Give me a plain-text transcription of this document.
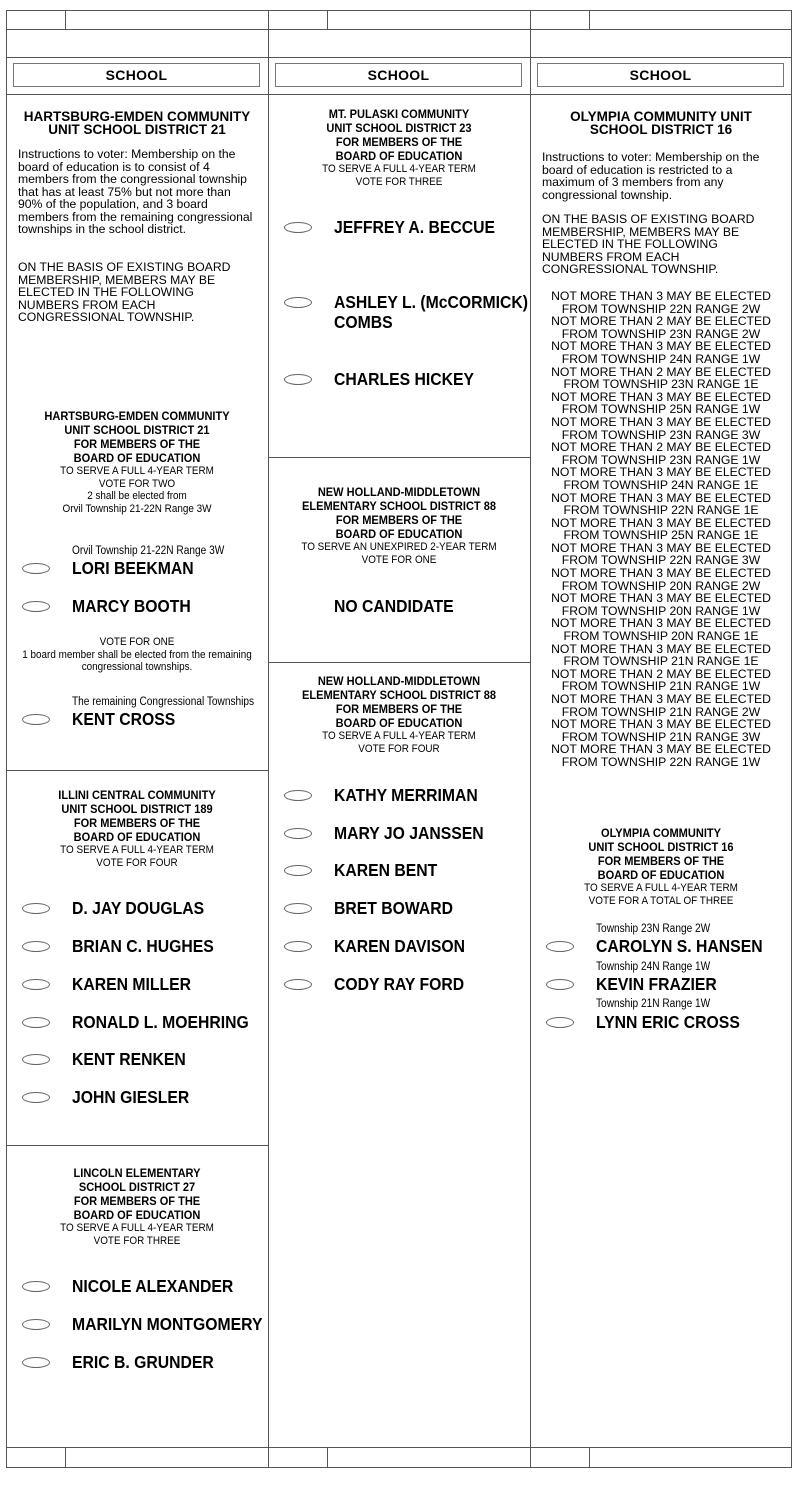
SCHOOL	SCHOOL	SCHOOL
HARTSBURG-EMDEN COMMUNITY
UNIT SCHOOL DISTRICT 21
Instructions to voter: Membership on the board of education is to consist of 4 members from the congressional township that has at least 75% but not more than 90% of the population, and 3 board members from the remaining congressional townships in the school district.
ON THE BASIS OF EXISTING BOARD MEMBERSHIP, MEMBERS MAY BE ELECTED IN THE FOLLOWING NUMBERS FROM EACH CONGRESSIONAL TOWNSHIP.
HARTSBURG-EMDEN COMMUNITY
UNIT SCHOOL DISTRICT 21
FOR MEMBERS OF THE
BOARD OF EDUCATION
TO SERVE A FULL 4-YEAR TERM
VOTE FOR TWO
2 shall be elected from
Orvil Township 21-22N Range 3W
Orvil Township 21-22N Range 3W
LORI BEEKMAN
MARCY BOOTH
VOTE FOR ONE
1 board member shall be elected from the remaining
congressional townships.
The remaining Congressional Townships
KENT CROSS
ILLINI CENTRAL COMMUNITY
UNIT SCHOOL DISTRICT 189
FOR MEMBERS OF THE
BOARD OF EDUCATION
TO SERVE A FULL 4-YEAR TERM
VOTE FOR FOUR
D. JAY DOUGLAS
BRIAN C. HUGHES
KAREN MILLER
RONALD L. MOEHRING
KENT RENKEN
JOHN GIESLER
LINCOLN ELEMENTARY
SCHOOL DISTRICT 27
FOR MEMBERS OF THE
BOARD OF EDUCATION
TO SERVE A FULL 4-YEAR TERM
VOTE FOR THREE
NICOLE ALEXANDER
MARILYN MONTGOMERY
ERIC B. GRUNDER
MT. PULASKI COMMUNITY
UNIT SCHOOL DISTRICT 23
FOR MEMBERS OF THE
BOARD OF EDUCATION
TO SERVE A FULL 4-YEAR TERM
VOTE FOR THREE
JEFFREY A. BECCUE
ASHLEY L. (McCORMICK)
COMBS
CHARLES HICKEY
NEW HOLLAND-MIDDLETOWN
ELEMENTARY SCHOOL DISTRICT 88
FOR MEMBERS OF THE
BOARD OF EDUCATION
TO SERVE AN UNEXPIRED 2-YEAR TERM
VOTE FOR ONE
NO CANDIDATE
NEW HOLLAND-MIDDLETOWN
ELEMENTARY SCHOOL DISTRICT 88
FOR MEMBERS OF THE
BOARD OF EDUCATION
TO SERVE A FULL 4-YEAR TERM
VOTE FOR FOUR
KATHY MERRIMAN
MARY JO JANSSEN
KAREN BENT
BRET BOWARD
KAREN DAVISON
CODY RAY FORD
OLYMPIA COMMUNITY UNIT
SCHOOL DISTRICT 16
Instructions to voter: Membership on the board of education is restricted to a maximum of 3 members from any congressional township.
ON THE BASIS OF EXISTING BOARD MEMBERSHIP, MEMBERS MAY BE ELECTED IN THE FOLLOWING NUMBERS FROM EACH CONGRESSIONAL TOWNSHIP.
NOT MORE THAN 3 MAY BE ELECTED
FROM TOWNSHIP 22N RANGE 2W
NOT MORE THAN 2 MAY BE ELECTED
FROM TOWNSHIP 23N RANGE 2W
NOT MORE THAN 3 MAY BE ELECTED
FROM TOWNSHIP 24N RANGE 1W
NOT MORE THAN 2 MAY BE ELECTED
FROM TOWNSHIP 23N RANGE 1E
NOT MORE THAN 3 MAY BE ELECTED
FROM TOWNSHIP 25N RANGE 1W
NOT MORE THAN 3 MAY BE ELECTED
FROM TOWNSHIP 23N RANGE 3W
NOT MORE THAN 2 MAY BE ELECTED
FROM TOWNSHIP 23N RANGE 1W
NOT MORE THAN 3 MAY BE ELECTED
FROM TOWNSHIP 24N RANGE 1E
NOT MORE THAN 3 MAY BE ELECTED
FROM TOWNSHIP 22N RANGE 1E
NOT MORE THAN 3 MAY BE ELECTED
FROM TOWNSHIP 25N RANGE 1E
NOT MORE THAN 3 MAY BE ELECTED
FROM TOWNSHIP 22N RANGE 3W
NOT MORE THAN 3 MAY BE ELECTED
FROM TOWNSHIP 20N RANGE 2W
NOT MORE THAN 3 MAY BE ELECTED
FROM TOWNSHIP 20N RANGE 1W
NOT MORE THAN 3 MAY BE ELECTED
FROM TOWNSHIP 20N RANGE 1E
NOT MORE THAN 3 MAY BE ELECTED
FROM TOWNSHIP 21N RANGE 1E
NOT MORE THAN 2 MAY BE ELECTED
FROM TOWNSHIP 21N RANGE 1W
NOT MORE THAN 3 MAY BE ELECTED
FROM TOWNSHIP 21N RANGE 2W
NOT MORE THAN 3 MAY BE ELECTED
FROM TOWNSHIP 21N RANGE 3W
NOT MORE THAN 3 MAY BE ELECTED
FROM TOWNSHIP 22N RANGE 1W
OLYMPIA COMMUNITY
UNIT SCHOOL DISTRICT 16
FOR MEMBERS OF THE
BOARD OF EDUCATION
TO SERVE A FULL 4-YEAR TERM
VOTE FOR A TOTAL OF THREE
Township 23N Range 2W
CAROLYN S. HANSEN
Township 24N Range 1W
KEVIN FRAZIER
Township 21N Range 1W
LYNN ERIC CROSS
